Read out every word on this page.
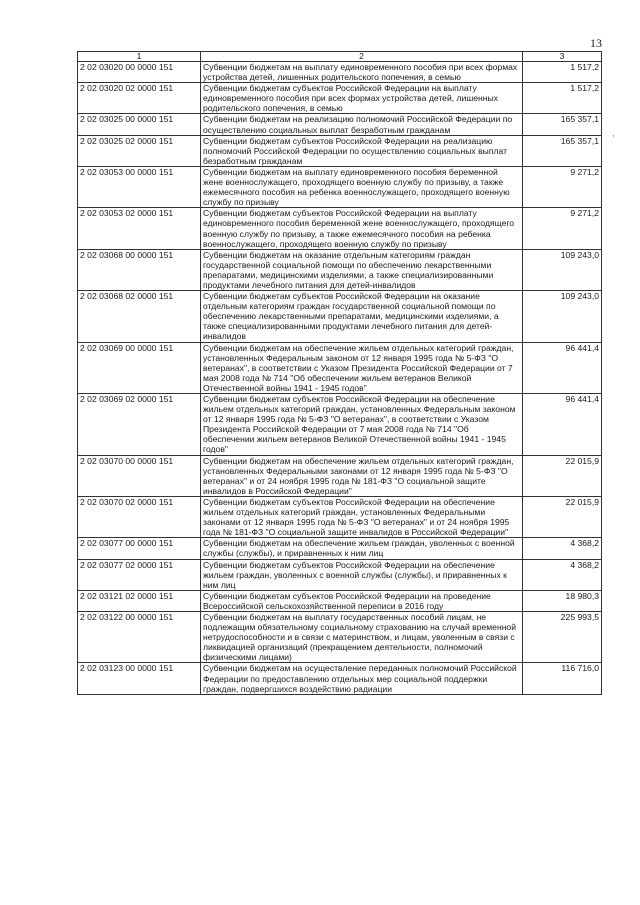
13
,
1	2	3
2 02 03020 00 0000 151	Субвенции бюджетам на выплату единовременного пособия при всех формах устройства детей, лишенных родительского попечения, в семью	1 517,2
2 02 03020 02 0000 151	Субвенции бюджетам субъектов Российской Федерации на выплату единовременного пособия при всех формах устройства детей, лишенных родительского попечения, в семью	1 517,2
2 02 03025 00 0000 151	Субвенции бюджетам на реализацию полномочий Российской Федерации по осуществлению социальных выплат безработным гражданам	165 357,1
2 02 03025 02 0000 151	Субвенции бюджетам субъектов Российской Федерации на реализацию полномочий Российской Федерации по осуществлению социальных выплат безработным гражданам	165 357,1
2 02 03053 00 0000 151	Субвенции бюджетам на выплату единовременного пособия беременной жене военнослужащего, проходящего военную службу по призыву, а также ежемесячного пособия на ребенка военнослужащего, проходящего военную службу по призыву	9 271,2
2 02 03053 02 0000 151	Субвенции бюджетам субъектов Российской Федерации на выплату единовременного пособия беременной жене военнослужащего, проходящего военную службу по призыву, а также ежемесячного пособия на ребенка военнослужащего, проходящего военную службу по призыву	9 271,2
2 02 03068 00 0000 151	Субвенции бюджетам на оказание отдельным категориям граждан государственной социальной помощи по обеспечению лекарственными препаратами, медицинскими изделиями, а также специализированными продуктами лечебного питания для детей-инвалидов	109 243,0
2 02 03068 02 0000 151	Субвенции бюджетам субъектов Российской Федерации на оказание отдельным категориям граждан государственной социальной помощи по обеспечению лекарственными препаратами, медицинскими изделиями, а также специализированными продуктами лечебного питания для детей-инвалидов	109 243,0
2 02 03069 00 0000 151	Субвенции бюджетам на обеспечение жильем отдельных категорий граждан, установленных Федеральным законом от 12 января 1995 года № 5-ФЗ "О ветеранах", в соответствии с Указом Президента Российской Федерации от 7 мая 2008 года № 714 "Об обеспечении жильем ветеранов Великой Отечественной войны 1941 - 1945 годов"	96 441,4
2 02 03069 02 0000 151	Субвенции бюджетам субъектов Российской Федерации на обеспечение жильем отдельных категорий граждан, установленных Федеральным законом от 12 января 1995 года № 5-ФЗ "О ветеранах", в соответствии с Указом Президента Российской Федерации от 7 мая 2008 года № 714 "Об обеспечении жильем ветеранов Великой Отечественной войны 1941 - 1945 годов"	96 441,4
2 02 03070 00 0000 151	Субвенции бюджетам на обеспечение жильем отдельных категорий граждан, установленных Федеральными законами от 12 января 1995 года № 5-ФЗ "О ветеранах" и от 24 ноября 1995 года № 181-ФЗ "О социальной защите инвалидов в Российской Федерации"	22 015,9
2 02 03070 02 0000 151	Субвенции бюджетам субъектов Российской Федерации на обеспечение жильем отдельных категорий граждан, установленных Федеральными законами от 12 января 1995 года № 5-ФЗ "О ветеранах" и от 24 ноября 1995 года № 181-ФЗ "О социальной защите инвалидов в Российской Федерации"	22 015,9
2 02 03077 00 0000 151	Субвенции бюджетам на обеспечение жильем граждан, уволенных с военной службы (службы), и приравненных к ним лиц	4 368,2
2 02 03077 02 0000 151	Субвенции бюджетам субъектов Российской Федерации на обеспечение жильем граждан, уволенных с военной службы (службы), и приравненных к ним лиц	4 368,2
2 02 03121 02 0000 151	Субвенции бюджетам субъектов Российской Федерации на проведение Всероссийской сельскохозяйственной переписи в 2016 году	18 980,3
2 02 03122 00 0000 151	Субвенции бюджетам на выплату государственных пособий лицам, не подлежащим обязательному социальному страхованию на случай временной нетрудоспособности и в связи с материнством, и лицам, уволенным в связи с ликвидацией организаций (прекращением деятельности, полномочий физическими лицами)	225 993,5
2 02 03123 00 0000 151	Субвенции бюджетам на осуществление переданных полномочий Российской Федерации по предоставлению отдельных мер социальной поддержки граждан, подвергшихся воздействию радиации	116 716,0
